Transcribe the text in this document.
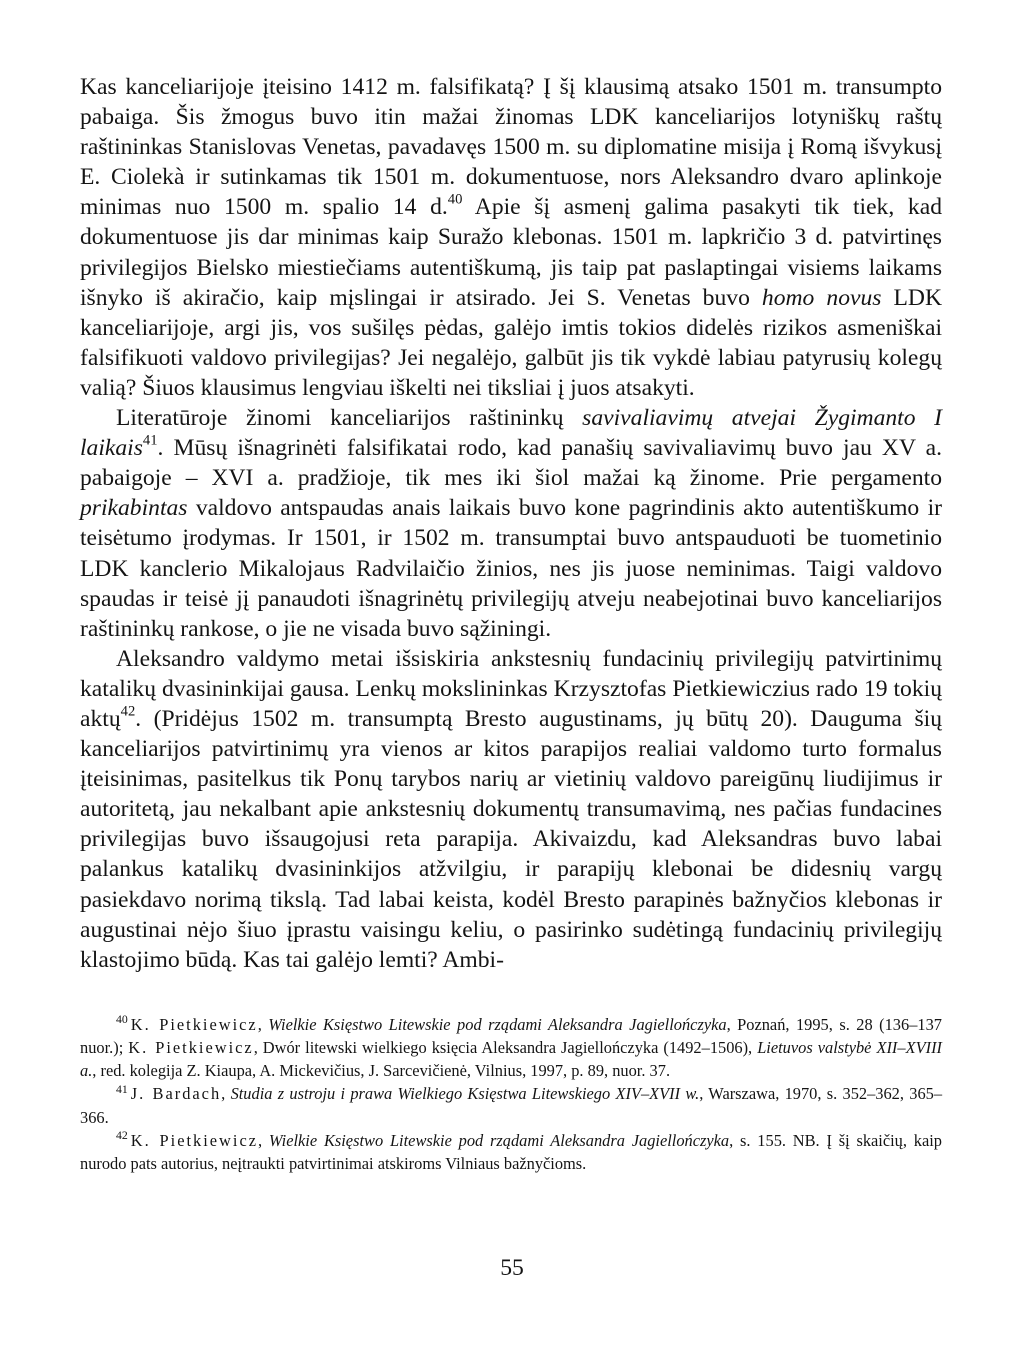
Kas kanceliarijoje įteisino 1412 m. falsifikatą? Į šį klausimą atsako 1501 m. transumpto pabaiga. Šis žmogus buvo itin mažai žinomas LDK kanceliarijos lotyniškų raštų raštininkas Stanislovas Venetas, pavadavęs 1500 m. su diplomatine misija į Romą išvykusį E. Ciolekà ir sutinkamas tik 1501 m. dokumentuose, nors Aleksandro dvaro aplinkoje minimas nuo 1500 m. spalio 14 d.$^{40}$ Apie šį asmenį galima pasakyti tik tiek, kad dokumentuose jis dar minimas kaip Suražo klebonas. 1501 m. lapkričio 3 d. patvirtinęs privilegijos Bielsko miestiečiams autentiškumą, jis taip pat paslaptingai visiems laikams išnyko iš akiračio, kaip mįslingai ir atsirado. Jei S. Venetas buvo homo novus LDK kanceliarijoje, argi jis, vos sušilęs pėdas, galėjo imtis tokios didelės rizikos asmeniškai falsifikuoti valdovo privilegijas? Jei negalėjo, galbūt jis tik vykdė labiau patyrusių kolegų valią? Šiuos klausimus lengviau iškelti nei tiksliai į juos atsakyti.

Literatūroje žinomi kanceliarijos raštininkų savivaliavimų atvejai Žygimanto I laikais$^{41}$. Mūsų išnagrinėti falsifikatai rodo, kad panašių savivaliavimų buvo jau XV a. pabaigoje – XVI a. pradžioje, tik mes iki šiol mažai ką žinome. Prie pergamento prikabintas valdovo antspaudas anais laikais buvo kone pagrindinis akto autentiškumo ir teisėtumo įrodymas. Ir 1501, ir 1502 m. transumptai buvo antspauduoti be tuometinio LDK kanclerio Mikalojaus Radvilaičio žinios, nes jis juose neminimas. Taigi valdovo spaudas ir teisė jį panaudoti išnagrinėtų privilegijų atveju neabejotinai buvo kanceliarijos raštininkų rankose, o jie ne visada buvo sąžiningi.

Aleksandro valdymo metai išsiskiria ankstesnių fundacinių privilegijų patvirtinimų katalikų dvasininkijai gausa. Lenkų mokslininkas Krzysztofas Pietkiewiczius rado 19 tokių aktų$^{42}$. (Pridėjus 1502 m. transumptą Bresto augustinams, jų būtų 20). Dauguma šių kanceliarijos patvirtinimų yra vienos ar kitos parapijos realiai valdomo turto formalus įteisinimas, pasitelkus tik Ponų tarybos narių ar vietinių valdovo pareigūnų liudijimus ir autoritetą, jau nekalbant apie ankstesnių dokumentų transumavimą, nes pačias fundacines privilegijas buvo išsaugojusi reta parapija. Akivaizdu, kad Aleksandras buvo labai palankus katalikų dvasininkijos atžvilgiu, ir parapijų klebonai be didesnių vargų pasiekdavo norimą tikslą. Tad labai keista, kodėl Bresto parapinės bažnyčios klebonas ir augustinai nėjo šiuo įprastu vaisingu keliu, o pasirinko sudėtingą fundacinių privilegijų klastojimo būdą. Kas tai galėjo lemti? Ambi-

$^{40}$ K. Pietkiewicz, Wielkie Księstwo Litewskie pod rządami Aleksandra Jagiellończyka, Poznań, 1995, s. 28 (136–137 nuor.); K. Pietkiewicz, Dwór litewski wielkiego księcia Aleksandra Jagiellończyka (1492–1506), Lietuvos valstybė XII–XVIII a., red. kolegija Z. Kiaupa, A. Mickevičius, J. Sarcevičienė, Vilnius, 1997, p. 89, nuor. 37.

$^{41}$ J. Bardach, Studia z ustroju i prawa Wielkiego Księstwa Litewskiego XIV–XVII w., Warszawa, 1970, s. 352–362, 365–366.

$^{42}$ K. Pietkiewicz, Wielkie Księstwo Litewskie pod rządami Aleksandra Jagiellończyka, s. 155. NB. Į šį skaičių, kaip nurodo pats autorius, neįtraukti patvirtinimai atskiroms Vilniaus bažnyčioms.

55
